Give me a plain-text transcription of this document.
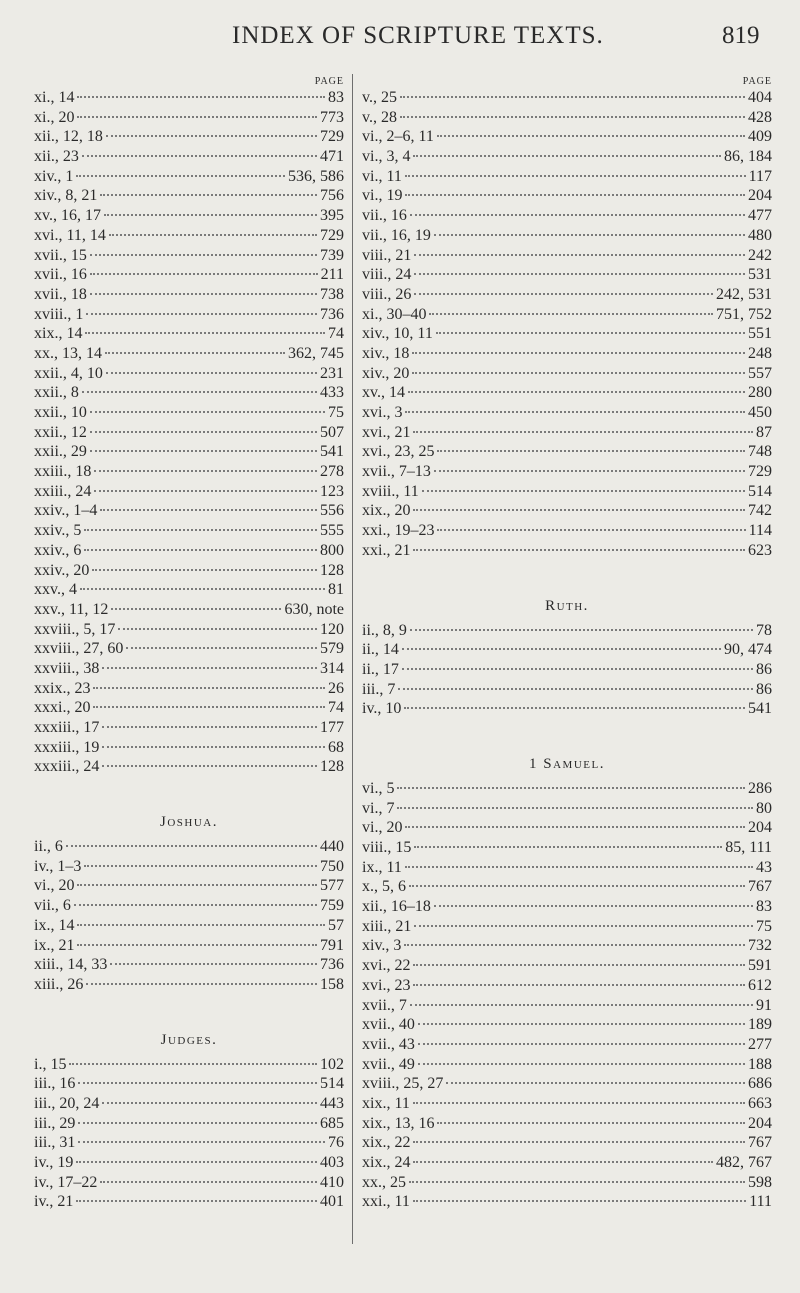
INDEX OF SCRIPTURE TEXTS.	819
PAGE
xi., 14	83
xi., 20	773
xii., 12, 18	729
xii., 23	471
xiv., 1	536, 586
xiv., 8, 21	756
xv., 16, 17	395
xvi., 11, 14	729
xvii., 15	739
xvii., 16	211
xvii., 18	738
xviii., 1	736
xix., 14	74
xx., 13, 14	362, 745
xxii., 4, 10	231
xxii., 8	433
xxii., 10	75
xxii., 12	507
xxii., 29	541
xxiii., 18	278
xxiii., 24	123
xxiv., 1–4	556
xxiv., 5	555
xxiv., 6	800
xxiv., 20	128
xxv., 4	81
xxv., 11, 12	630, note
xxviii., 5, 17	120
xxviii., 27, 60	579
xxviii., 38	314
xxix., 23	26
xxxi., 20	74
xxxiii., 17	177
xxxiii., 19	68
xxxiii., 24	128
Joshua.
ii., 6	440
iv., 1–3	750
vi., 20	577
vii., 6	759
ix., 14	57
ix., 21	791
xiii., 14, 33	736
xiii., 26	158
Judges.
i., 15	102
iii., 16	514
iii., 20, 24	443
iii., 29	685
iii., 31	76
iv., 19	403
iv., 17–22	410
iv., 21	401
PAGE
v., 25	404
v., 28	428
vi., 2–6, 11	409
vi., 3, 4	86, 184
vi., 11	117
vi., 19	204
vii., 16	477
vii., 16, 19	480
viii., 21	242
viii., 24	531
viii., 26	242, 531
xi., 30–40	751, 752
xiv., 10, 11	551
xiv., 18	248
xiv., 20	557
xv., 14	280
xvi., 3	450
xvi., 21	87
xvi., 23, 25	748
xvii., 7–13	729
xviii., 11	514
xix., 20	742
xxi., 19–23	114
xxi., 21	623
Ruth.
ii., 8, 9	78
ii., 14	90, 474
ii., 17	86
iii., 7	86
iv., 10	541
1 Samuel.
vi., 5	286
vi., 7	80
vi., 20	204
viii., 15	85, 111
ix., 11	43
x., 5, 6	767
xii., 16–18	83
xiii., 21	75
xiv., 3	732
xvi., 22	591
xvi., 23	612
xvii., 7	91
xvii., 40	189
xvii., 43	277
xvii., 49	188
xviii., 25, 27	686
xix., 11	663
xix., 13, 16	204
xix., 22	767
xix., 24	482, 767
xx., 25	598
xxi., 11	111
